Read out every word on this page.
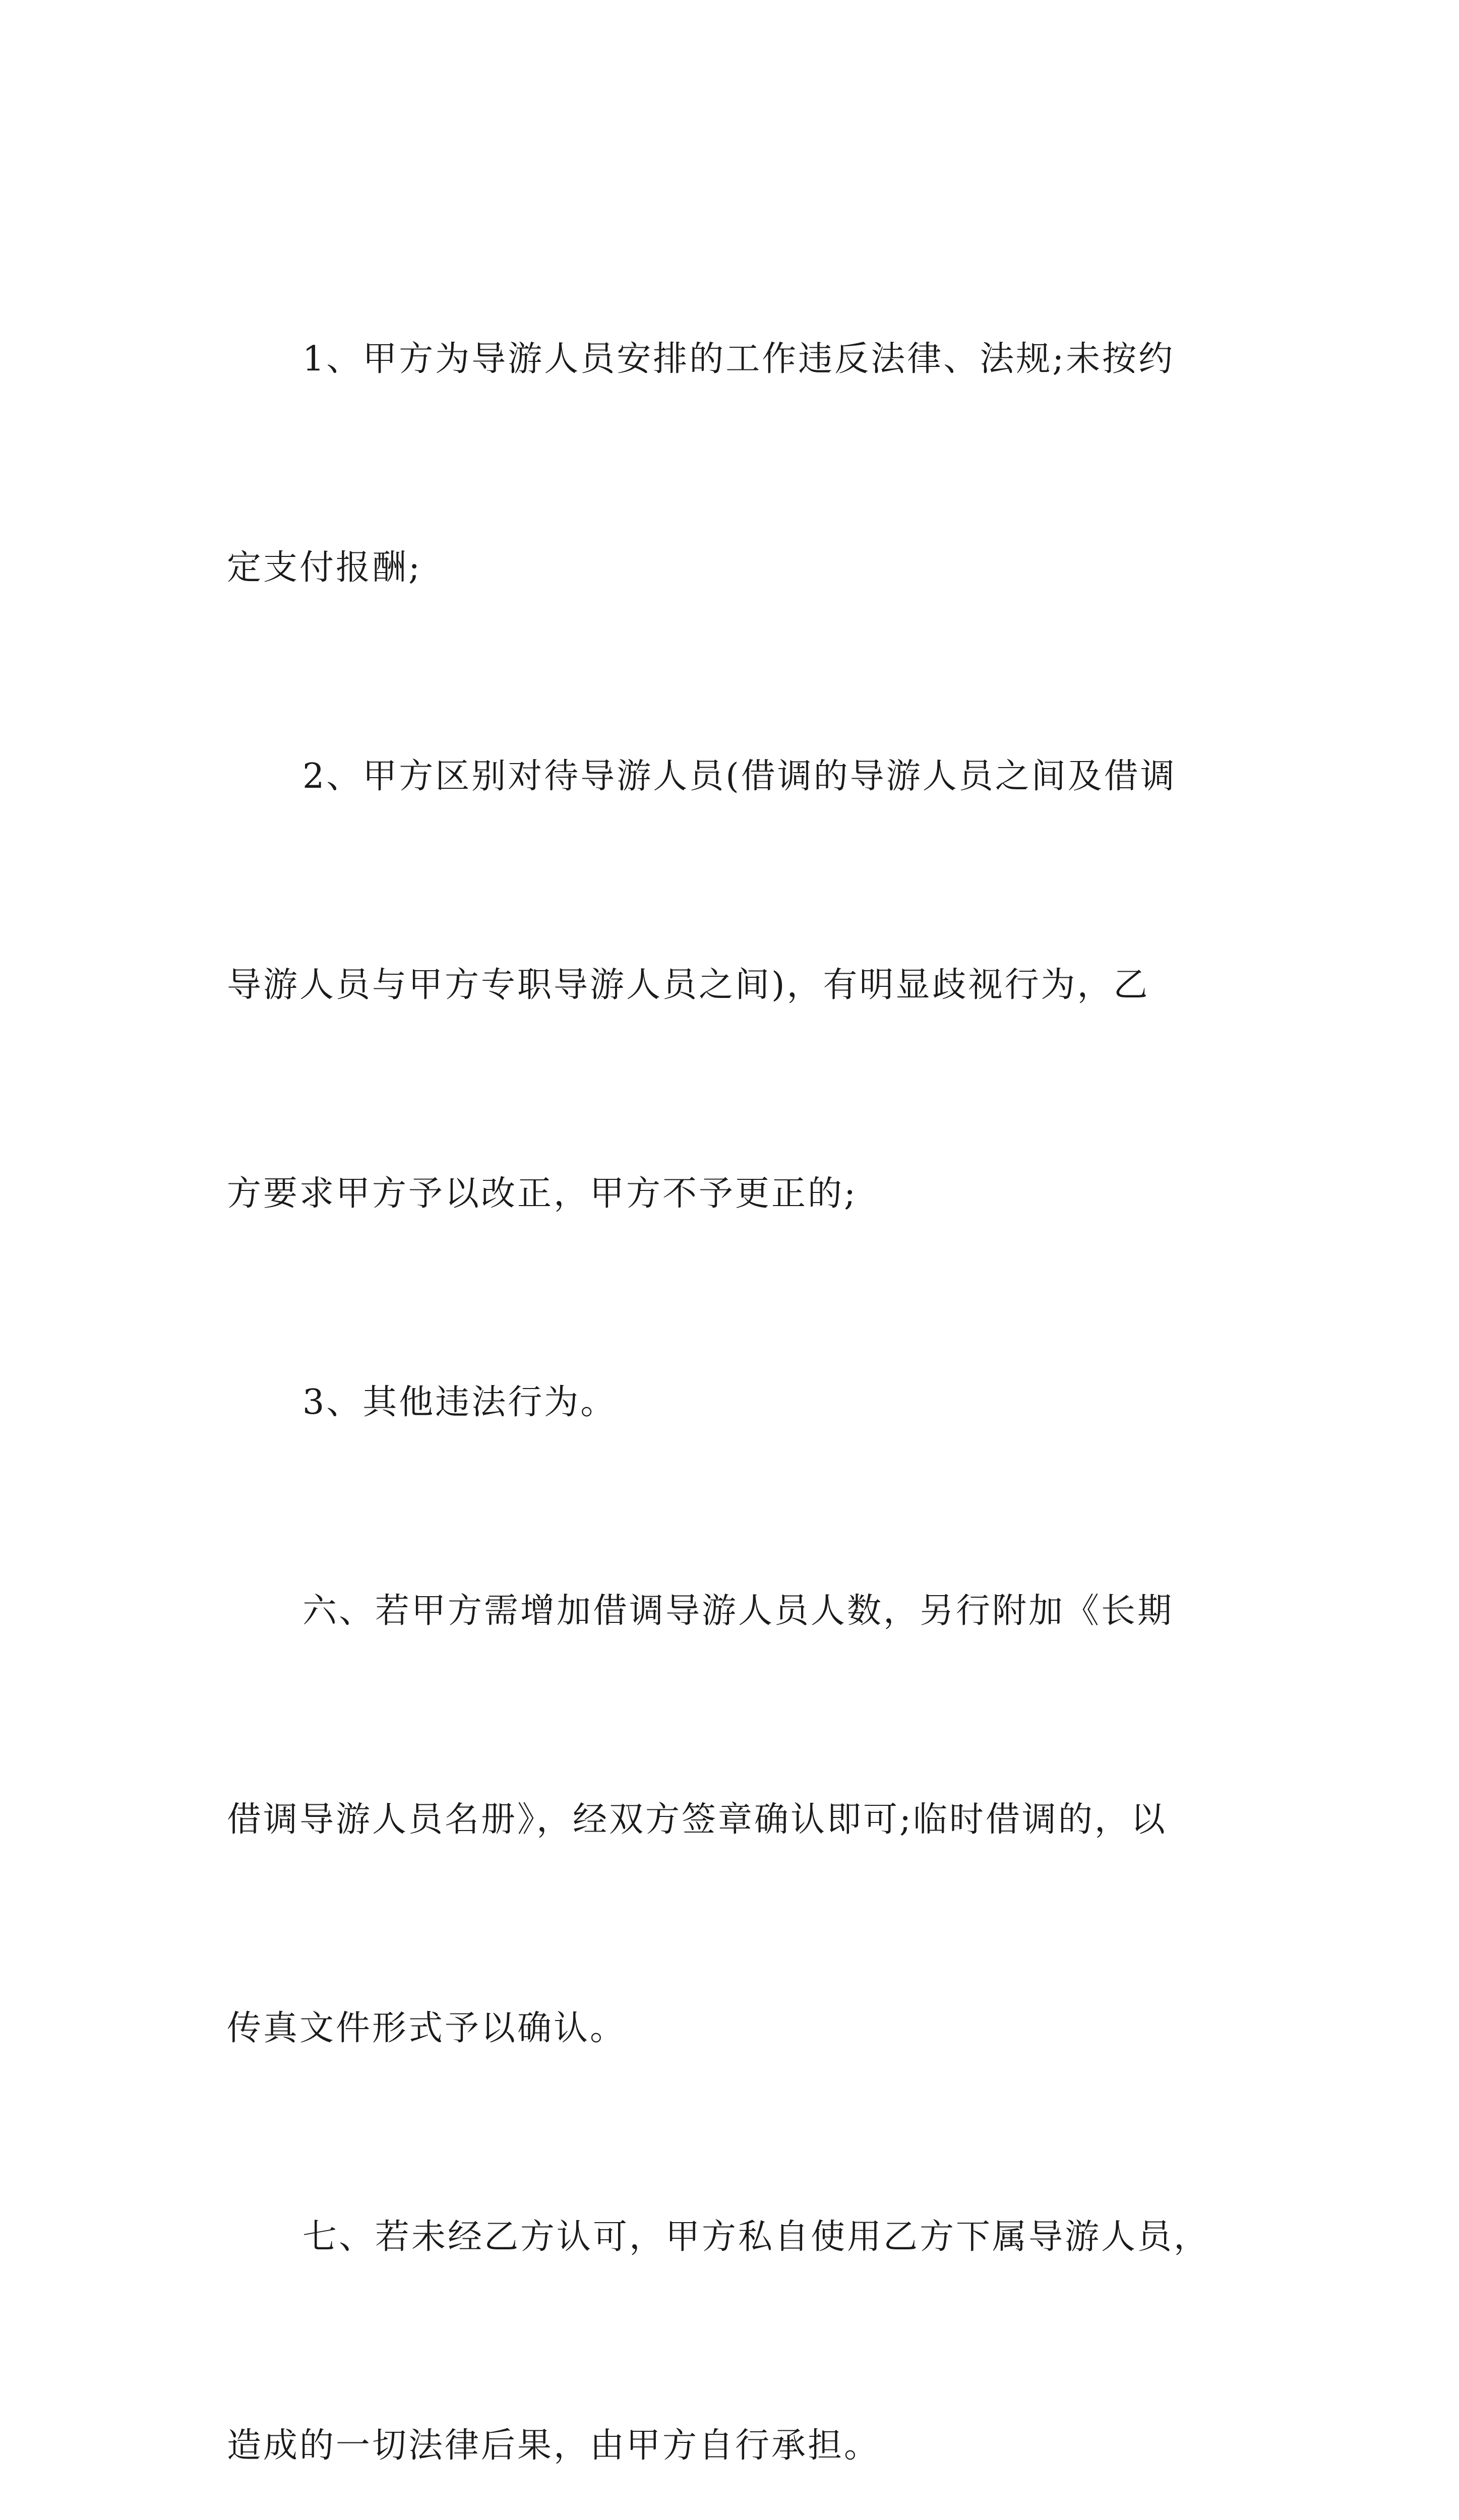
1、甲方为导游人员安排的工作违反法律、法规;未按约

定支付报酬;

2、甲方区别对待导游人员(借调的导游人员之间及借调

导游人员与甲方专职导游人员之间)，有明显歧视行为，乙

方要求甲方予以改正，甲方不予更正的;

3、其他违法行为。

六、若甲方需增加借调导游人员人数，另行附加《长期

借调导游人员名册》，经双方签章确认即可;临时借调的，以

传真文件形式予以确认。

七、若未经乙方认可，甲方私自使用乙方下属导游人员，

造成的一切法律后果，由甲方自行承担。
